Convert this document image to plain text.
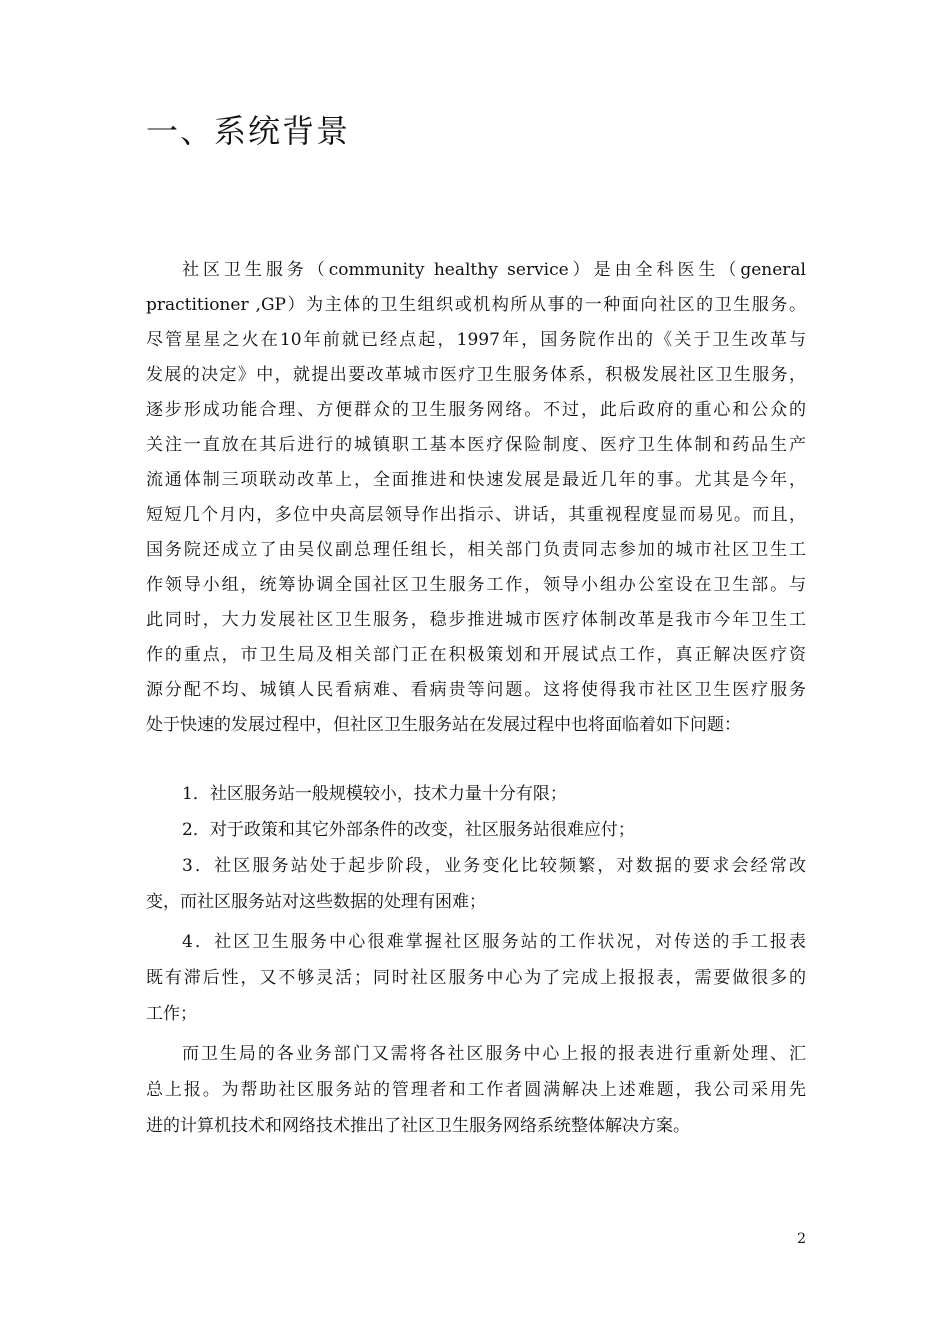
一、系统背景
社区卫生服务（community healthy service）是由全科医生（general
practitioner ,GP）为主体的卫生组织或机构所从事的一种面向社区的卫生服务。
尽管星星之火在10年前就已经点起，1997年，国务院作出的《关于卫生改革与
发展的决定》中，就提出要改革城市医疗卫生服务体系，积极发展社区卫生服务，
逐步形成功能合理、方便群众的卫生服务网络。不过，此后政府的重心和公众的
关注一直放在其后进行的城镇职工基本医疗保险制度、医疗卫生体制和药品生产
流通体制三项联动改革上，全面推进和快速发展是最近几年的事。尤其是今年，
短短几个月内，多位中央高层领导作出指示、讲话，其重视程度显而易见。而且，
国务院还成立了由吴仪副总理任组长，相关部门负责同志参加的城市社区卫生工
作领导小组，统筹协调全国社区卫生服务工作，领导小组办公室设在卫生部。与
此同时，大力发展社区卫生服务，稳步推进城市医疗体制改革是我市今年卫生工
作的重点，市卫生局及相关部门正在积极策划和开展试点工作，真正解决医疗资
源分配不均、城镇人民看病难、看病贵等问题。这将使得我市社区卫生医疗服务
处于快速的发展过程中，但社区卫生服务站在发展过程中也将面临着如下问题：
1．社区服务站一般规模较小，技术力量十分有限；
2．对于政策和其它外部条件的改变，社区服务站很难应付；
3．社区服务站处于起步阶段，业务变化比较频繁，对数据的要求会经常改
变，而社区服务站对这些数据的处理有困难；
4．社区卫生服务中心很难掌握社区服务站的工作状况，对传送的手工报表
既有滞后性，又不够灵活；同时社区服务中心为了完成上报报表，需要做很多的
工作；
而卫生局的各业务部门又需将各社区服务中心上报的报表进行重新处理、汇
总上报。为帮助社区服务站的管理者和工作者圆满解决上述难题，我公司采用先
进的计算机技术和网络技术推出了社区卫生服务网络系统整体解决方案。
2
